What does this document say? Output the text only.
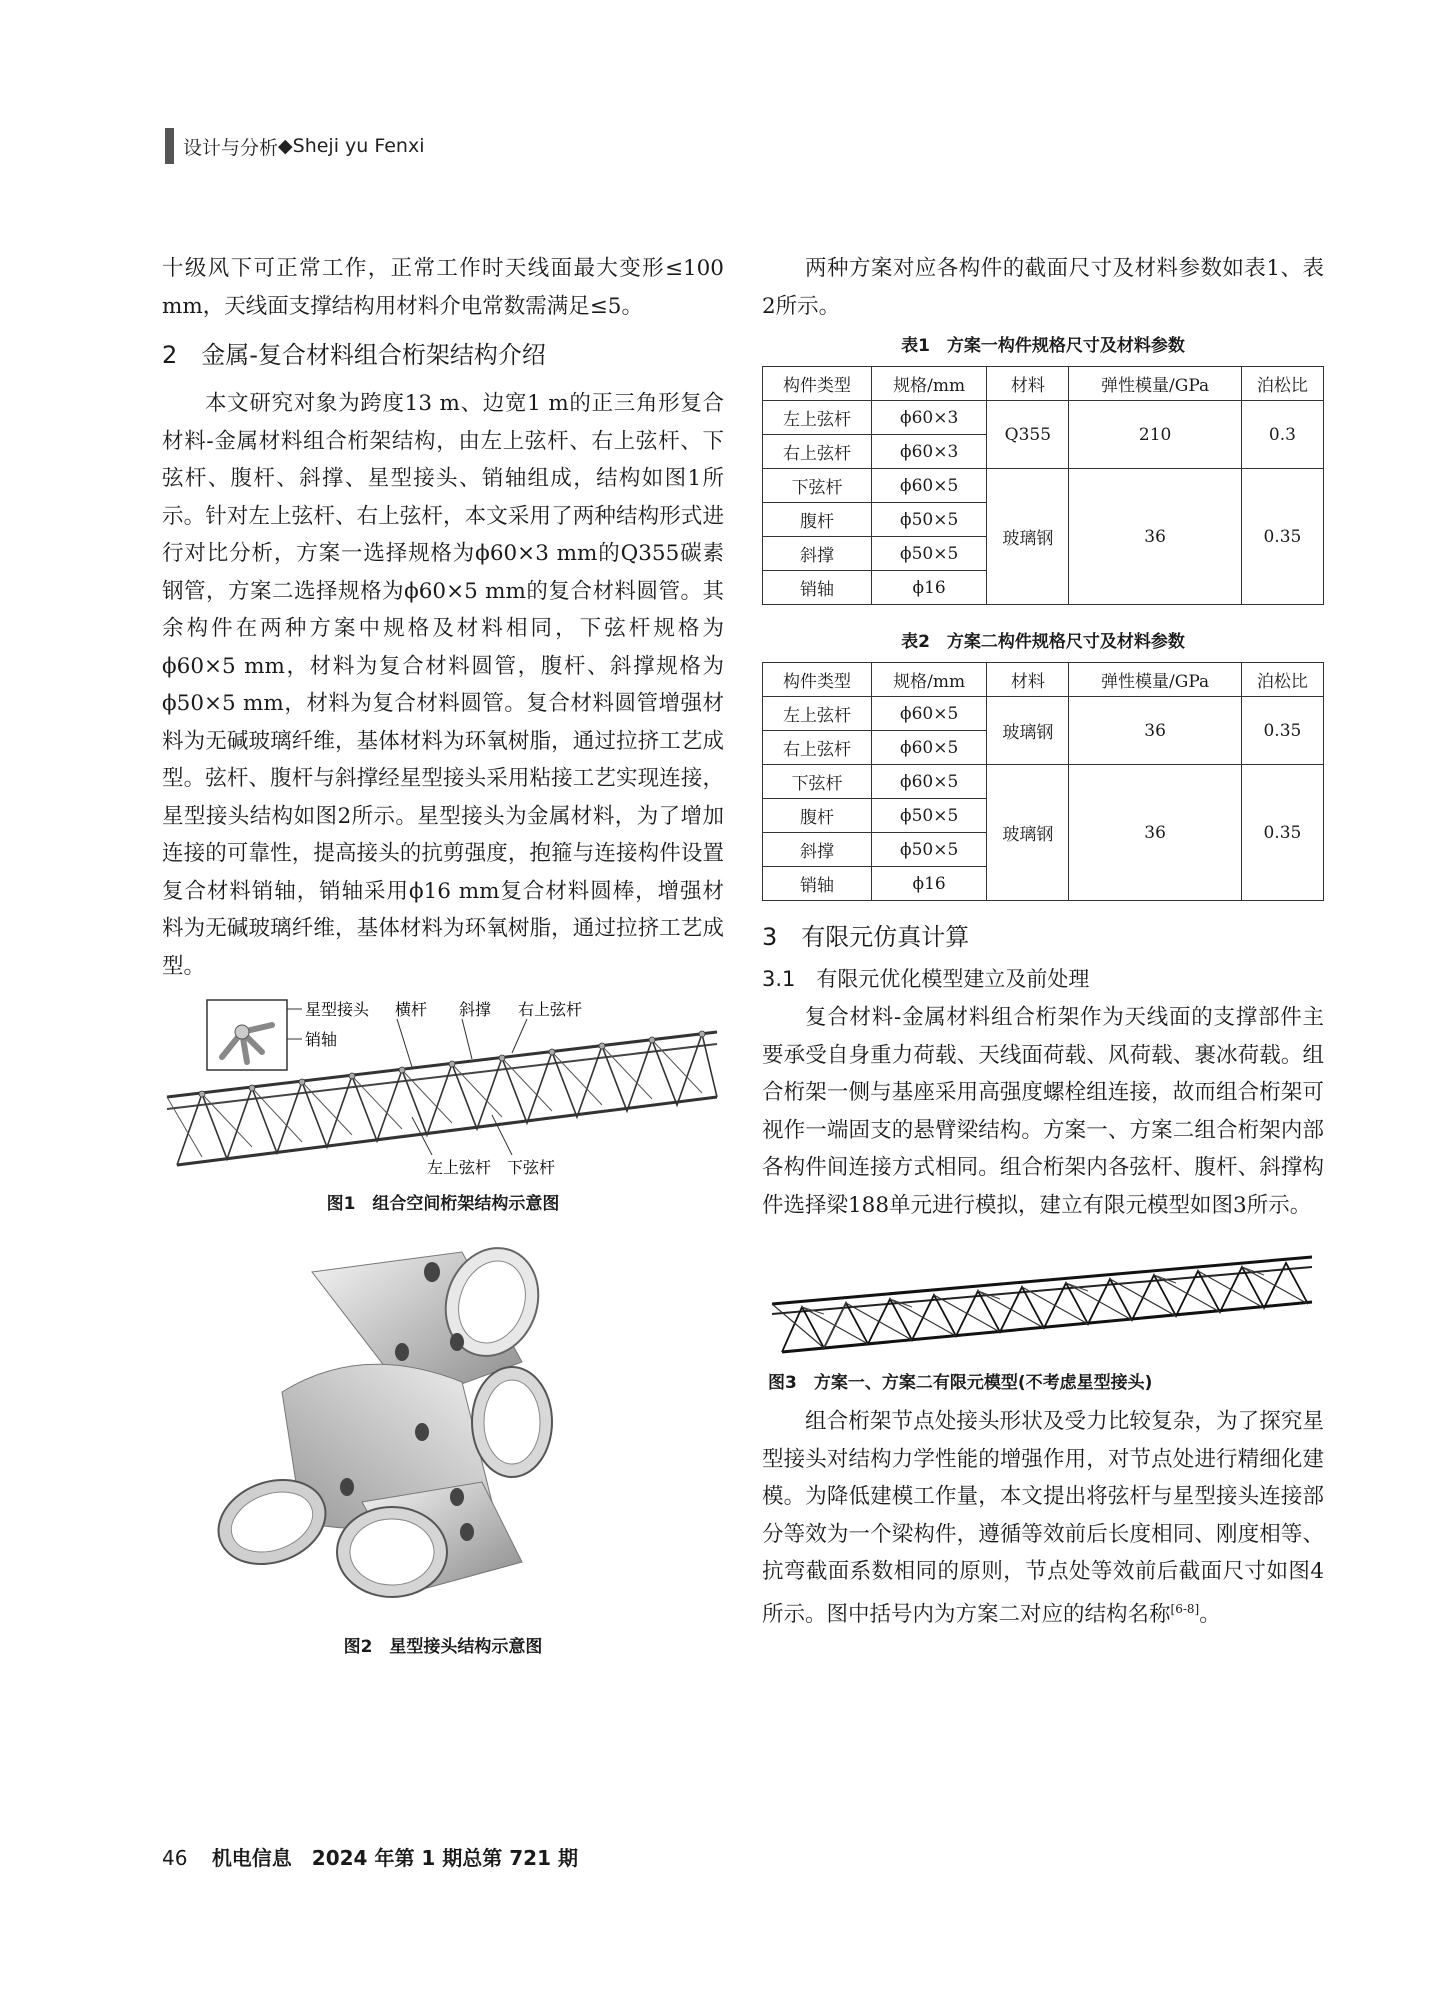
设计与分析 ◆ Sheji yu Fenxi

十级风下可正常工作，正常工作时天线面最大变形≤100 mm，天线面支撑结构用材料介电常数需满足≤5。

2　金属-复合材料组合桁架结构介绍

本文研究对象为跨度13 m、边宽1 m的正三角形复合材料-金属材料组合桁架结构，由左上弦杆、右上弦杆、下弦杆、腹杆、斜撑、星型接头、销轴组成，结构如图1所示。针对左上弦杆、右上弦杆，本文采用了两种结构形式进行对比分析，方案一选择规格为ϕ60×3 mm的Q355碳素钢管，方案二选择规格为ϕ60×5 mm的复合材料圆管。其余构件在两种方案中规格及材料相同，下弦杆规格为ϕ60×5 mm，材料为复合材料圆管，腹杆、斜撑规格为ϕ50×5 mm，材料为复合材料圆管。复合材料圆管增强材料为无碱玻璃纤维，基体材料为环氧树脂，通过拉挤工艺成型。弦杆、腹杆与斜撑经星型接头采用粘接工艺实现连接，星型接头结构如图2所示。星型接头为金属材料，为了增加连接的可靠性，提高接头的抗剪强度，抱箍与连接构件设置复合材料销轴，销轴采用ϕ16 mm复合材料圆棒，增强材料为无碱玻璃纤维，基体材料为环氧树脂，通过拉挤工艺成型。

星型接头
销轴
横杆 斜撑 右上弦杆
左上弦杆 下弦杆
图1　组合空间桁架结构示意图
图2　星型接头结构示意图

两种方案对应各构件的截面尺寸及材料参数如表1、表2所示。

表1　方案一构件规格尺寸及材料参数
构件类型	规格/mm	材料	弹性模量/GPa	泊松比
左上弦杆	ϕ60×3	Q355	210	0.3
右上弦杆	ϕ60×3			
下弦杆	ϕ60×5	玻璃钢	36	0.35
腹杆	ϕ50×5			
斜撑	ϕ50×5			
销轴	ϕ16			
表2　方案二构件规格尺寸及材料参数
构件类型	规格/mm	材料	弹性模量/GPa	泊松比
左上弦杆	ϕ60×5	玻璃钢	36	0.35
右上弦杆	ϕ60×5			
下弦杆	ϕ60×5	玻璃钢	36	0.35
腹杆	ϕ50×5			
斜撑	ϕ50×5			
销轴	ϕ16			
3　有限元仿真计算
3.1　有限元优化模型建立及前处理

复合材料-金属材料组合桁架作为天线面的支撑部件主要承受自身重力荷载、天线面荷载、风荷载、裹冰荷载。组合桁架一侧与基座采用高强度螺栓组连接，故而组合桁架可视作一端固支的悬臂梁结构。方案一、方案二组合桁架内部各构件间连接方式相同。组合桁架内各弦杆、腹杆、斜撑构件选择梁188单元进行模拟，建立有限元模型如图3所示。

图3　方案一、方案二有限元模型(不考虑星型接头)

组合桁架节点处接头形状及受力比较复杂，为了探究星型接头对结构力学性能的增强作用，对节点处进行精细化建模。为降低建模工作量，本文提出将弦杆与星型接头连接部分等效为一个梁构件，遵循等效前后长度相同、刚度相等、抗弯截面系数相同的原则，节点处等效前后截面尺寸如图4所示。图中括号内为方案二对应的结构名称[6-8]。

46 机电信息　2024 年第 1 期总第 721 期
